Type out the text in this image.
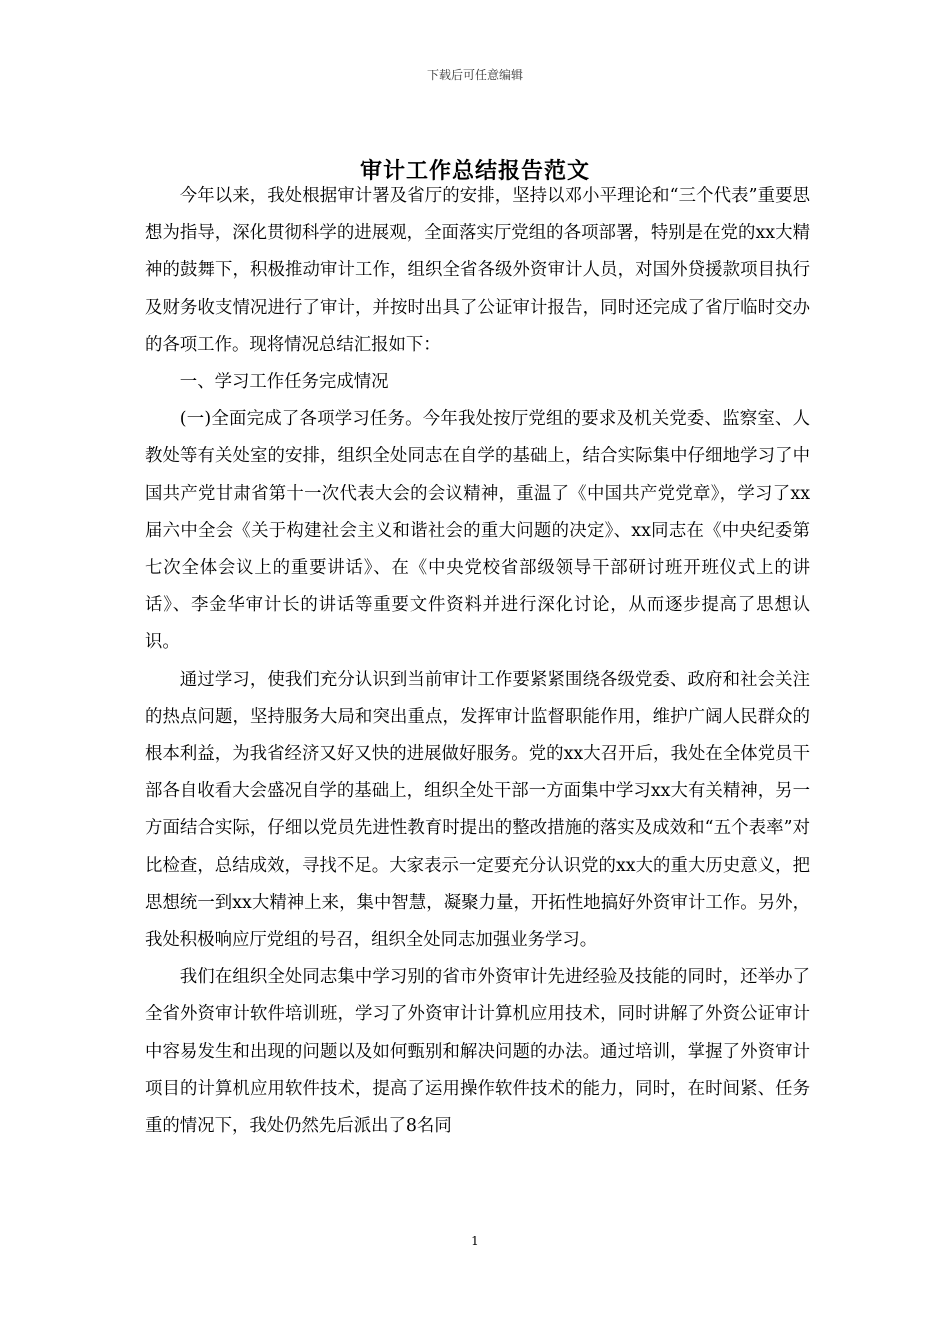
下载后可任意编辑
审计工作总结报告范文

今年以来，我处根据审计署及省厅的安排，坚持以邓小平理论和“三个代表”重要思想为指导，深化贯彻科学的进展观，全面落实厅党组的各项部署，特别是在党的xx大精神的鼓舞下，积极推动审计工作，组织全省各级外资审计人员，对国外贷援款项目执行及财务收支情况进行了审计，并按时出具了公证审计报告，同时还完成了省厅临时交办的各项工作。现将情况总结汇报如下：

一、学习工作任务完成情况

(一)全面完成了各项学习任务。今年我处按厅党组的要求及机关党委、监察室、人教处等有关处室的安排，组织全处同志在自学的基础上，结合实际集中仔细地学习了中国共产党甘肃省第十一次代表大会的会议精神，重温了《中国共产党党章》，学习了xx届六中全会《关于构建社会主义和谐社会的重大问题的决定》、xx同志在《中央纪委第七次全体会议上的重要讲话》、在《中央党校省部级领导干部研讨班开班仪式上的讲话》、李金华审计长的讲话等重要文件资料并进行深化讨论，从而逐步提高了思想认识。

通过学习，使我们充分认识到当前审计工作要紧紧围绕各级党委、政府和社会关注的热点问题，坚持服务大局和突出重点，发挥审计监督职能作用，维护广阔人民群众的根本利益，为我省经济又好又快的进展做好服务。党的xx大召开后，我处在全体党员干部各自收看大会盛况自学的基础上，组织全处干部一方面集中学习xx大有关精神，另一方面结合实际，仔细以党员先进性教育时提出的整改措施的落实及成效和“五个表率”对比检查，总结成效，寻找不足。大家表示一定要充分认识党的xx大的重大历史意义，把思想统一到xx大精神上来，集中智慧，凝聚力量，开拓性地搞好外资审计工作。另外，我处积极响应厅党组的号召，组织全处同志加强业务学习。

我们在组织全处同志集中学习别的省市外资审计先进经验及技能的同时，还举办了全省外资审计软件培训班，学习了外资审计计算机应用技术，同时讲解了外资公证审计中容易发生和出现的问题以及如何甄别和解决问题的办法。通过培训，掌握了外资审计项目的计算机应用软件技术，提高了运用操作软件技术的能力，同时，在时间紧、任务重的情况下，我处仍然先后派出了8名同

1
